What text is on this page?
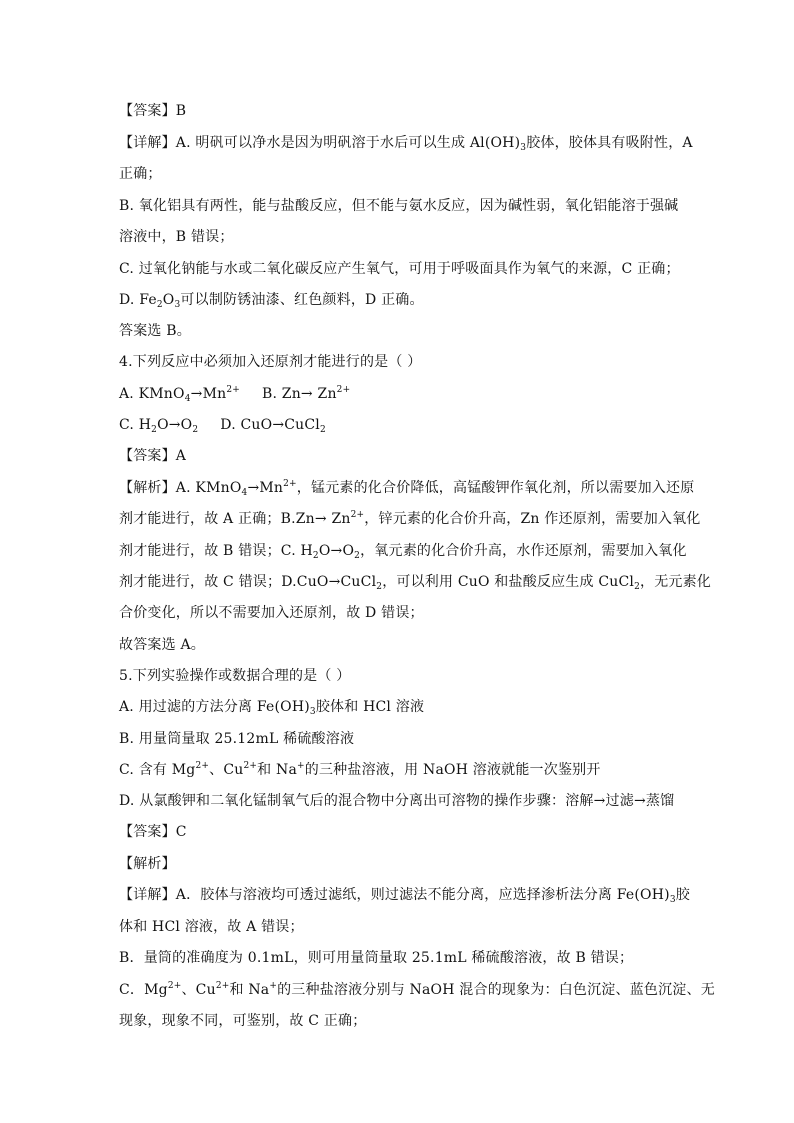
【答案】B
【详解】A. 明矾可以净水是因为明矾溶于水后可以生成 $Al(OH)_3$胶体，胶体具有吸附性，A
正确；
B. 氧化铝具有两性，能与盐酸反应，但不能与氨水反应，因为碱性弱，氧化铝能溶于强碱
溶液中，B 错误；
C. 过氧化钠能与水或二氧化碳反应产生氧气，可用于呼吸面具作为氧气的来源，C 正确；
D. $Fe_2O_3$可以制防锈油漆、红色颜料，D 正确。
答案选 B。
4.下列反应中必须加入还原剂才能进行的是（ ）
A. $KMnO_4\to Mn^{2+}$ B. $Zn\to Zn^{2+}$
C. $H_2O\to O_2$ D. CuO→CuCl$_2$
【答案】A
【解析】A. $KMnO_4\to Mn^{2+}$，锰元素的化合价降低，高锰酸钾作氧化剂，所以需要加入还原
剂才能进行，故 A 正确；$B.Zn\to Zn^{2+}$，锌元素的化合价升高，Zn 作还原剂，需要加入氧化
剂才能进行，故 B 错误；C. $H_2O\to O_2$，氧元素的化合价升高，水作还原剂，需要加入氧化
剂才能进行，故 C 错误；D.CuO→CuCl$_2$，可以利用 CuO 和盐酸反应生成 CuCl$_2$，无元素化
合价变化，所以不需要加入还原剂，故 D 错误；
故答案选 A。
5.下列实验操作或数据合理的是（ ）
A. 用过滤的方法分离 $Fe(OH)_3$胶体和 HCl 溶液
B. 用量筒量取 25.12mL 稀硫酸溶液
C. 含有 $Mg^{2+}$、$Cu^{2+}$和 Na+的三种盐溶液，用 NaOH 溶液就能一次鉴别开
D. 从氯酸钾和二氧化锰制氧气后的混合物中分离出可溶物的操作步骤：溶解→过滤→蒸馏
【答案】C
【解析】
【详解】A．胶体与溶液均可透过滤纸，则过滤法不能分离，应选择渗析法分离 $Fe(OH)_3$胶
体和 HCl 溶液，故 A 错误；
B．量筒的准确度为 0.1mL，则可用量筒量取 25.1mL 稀硫酸溶液，故 B 错误；
C．$Mg^{2+}$、$Cu^{2+}$和 Na+的三种盐溶液分别与 NaOH 混合的现象为：白色沉淀、蓝色沉淀、无
现象，现象不同，可鉴别，故 C 正确；
